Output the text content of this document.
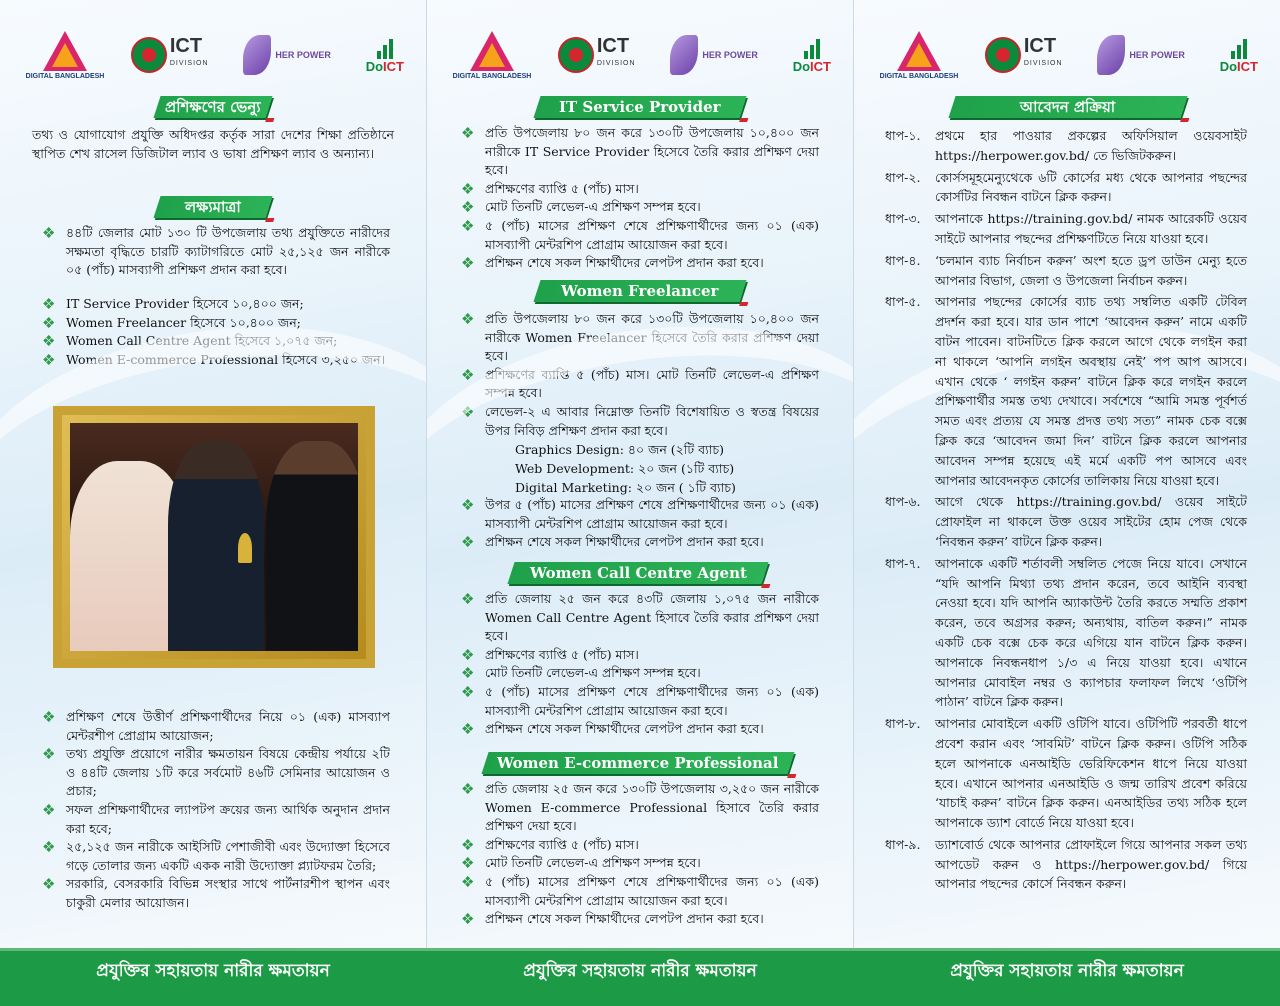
DIGITAL BANGLADESH
ICT
DIVISION
HER POWER
DoICT
প্রশিক্ষণের ভেন্যু
তথ্য ও যোগাযোগ প্রযুক্তি অধিদপ্তর কর্তৃক সারা দেশের শিক্ষা প্রতিষ্ঠানে স্থাপিত শেখ রাসেল ডিজিটাল ল্যাব ও ভাষা প্রশিক্ষণ ল্যাব ও অন্যান্য।
লক্ষ্যমাত্রা
❖ ৪৪টি জেলার মোট ১৩০ টি উপজেলায় তথ্য প্রযুক্তিতে নারীদের সক্ষমতা বৃদ্ধিতে চারটি ক্যাটাগরিতে মোট ২৫,১২৫ জন নারীকে ০৫ (পাঁচ) মাসব্যাপী প্রশিক্ষণ প্রদান করা হবে।
❖ IT Service Provider হিসেবে ১০,৪০০ জন;
❖ Women Freelancer হিসেবে ১০,৪০০ জন;
❖ Women Call Centre Agent হিসেবে ১,০৭৫ জন;
❖ Women E-commerce Professional হিসেবে ৩,২৫০ জন।
❖ প্রশিক্ষণ শেষে উত্তীর্ণ প্রশিক্ষণার্থীদের নিয়ে ০১ (এক) মাসব্যাপ মেন্টরশীপ প্রোগ্রাম আয়োজন;
❖ তথ্য প্রযুক্তি প্রয়োগে নারীর ক্ষমতায়ন বিষয়ে কেন্দ্রীয় পর্যায়ে ২টি ও ৪৪টি জেলায় ১টি করে সর্বমোট ৪৬টি সেমিনার আয়োজন ও প্রচার;
❖ সফল প্রশিক্ষণার্থীদের ল্যাপটপ ক্রয়ের জন্য আর্থিক অনুদান প্রদান করা হবে;
❖ ২৫,১২৫ জন নারীকে আইসিটি পেশাজীবী এবং উদ্যোক্তা হিসেবে গড়ে তোলার জন্য একটি একক নারী উদ্যোক্তা প্ল্যাটফরম তৈরি;
❖ সরকারি, বেসরকারি বিভিন্ন সংস্থার সাথে পার্টনারশীপ স্থাপন এবং চাকুরী মেলার আয়োজন।
DIGITAL BANGLADESH
ICT
DIVISION
HER POWER
DoICT
IT Service Provider
❖ প্রতি উপজেলায় ৮০ জন করে ১৩০টি উপজেলায় ১০,৪০০ জন নারীকে IT Service Provider হিসেবে তৈরি করার প্রশিক্ষণ দেয়া হবে।
❖ প্রশিক্ষণের ব্যাপ্তি ৫ (পাঁচ) মাস।
❖ মোট তিনটি লেভেল-এ প্রশিক্ষণ সম্পন্ন হবে।
❖ ৫ (পাঁচ) মাসের প্রশিক্ষণ শেষে প্রশিক্ষণার্থীদের জন্য ০১ (এক) মাসব্যাপী মেন্টরশিপ প্রোগ্রাম আয়োজন করা হবে।
❖ প্রশিক্ষন শেষে সকল শিক্ষার্থীদের লেপটপ প্রদান করা হবে।
Women Freelancer
❖ প্রতি উপজেলায় ৮০ জন করে ১৩০টি উপজেলায় ১০,৪০০ জন নারীকে Women Freelancer হিসেবে তৈরি করার প্রশিক্ষণ দেয়া হবে।
❖ প্রশিক্ষণের ব্যাপ্তি ৫ (পাঁচ) মাস। মোট তিনটি লেভেল-এ প্রশিক্ষণ সম্পন্ন হবে।
❖ লেভেল-২ এ আবার নিম্নোক্ত তিনটি বিশেষায়িত ও স্বতন্ত্র বিষয়ের উপর নিবিড় প্রশিক্ষণ প্রদান করা হবে।
Graphics Design: ৪০ জন (২টি ব্যাচ)
Web Development: ২০ জন (১টি ব্যাচ)
Digital Marketing: ২০ জন ( ১টি ব্যাচ)
❖ উপর ৫ (পাঁচ) মাসের প্রশিক্ষণ শেষে প্রশিক্ষণার্থীদের জন্য ০১ (এক) মাসব্যাপী মেন্টরশিপ প্রোগ্রাম আয়োজন করা হবে।
❖ প্রশিক্ষন শেষে সকল শিক্ষার্থীদের লেপটপ প্রদান করা হবে।
Women Call Centre Agent
❖ প্রতি জেলায় ২৫ জন করে ৪৩টি জেলায় ১,০৭৫ জন নারীকে Women Call Centre Agent হিসাবে তৈরি করার প্রশিক্ষণ দেয়া হবে।
❖ প্রশিক্ষণের ব্যাপ্তি ৫ (পাঁচ) মাস।
❖ মোট তিনটি লেভেল-এ প্রশিক্ষণ সম্পন্ন হবে।
❖ ৫ (পাঁচ) মাসের প্রশিক্ষণ শেষে প্রশিক্ষণার্থীদের জন্য ০১ (এক) মাসব্যাপী মেন্টরশিপ প্রোগ্রাম আয়োজন করা হবে।
❖ প্রশিক্ষন শেষে সকল শিক্ষার্থীদের লেপটপ প্রদান করা হবে।
Women E-commerce Professional
❖ প্রতি জেলায় ২৫ জন করে ১৩০টি উপজেলায় ৩,২৫০ জন নারীকে Women E-commerce Professional হিসাবে তৈরি করার প্রশিক্ষণ দেয়া হবে।
❖ প্রশিক্ষণের ব্যাপ্তি ৫ (পাঁচ) মাস।
❖ মোট তিনটি লেভেল-এ প্রশিক্ষণ সম্পন্ন হবে।
❖ ৫ (পাঁচ) মাসের প্রশিক্ষণ শেষে প্রশিক্ষণার্থীদের জন্য ০১ (এক) মাসব্যাপী মেন্টরশিপ প্রোগ্রাম আয়োজন করা হবে।
❖ প্রশিক্ষন শেষে সকল শিক্ষার্থীদের লেপটপ প্রদান করা হবে।
DIGITAL BANGLADESH
ICT
DIVISION
HER POWER
DoICT
আবেদন প্রক্রিয়া
ধাপ-১.	প্রথমে হার পাওয়ার প্রকল্পের অফিসিয়াল ওয়েবসাইট https://herpower.gov.bd/ তে ভিজিটকরুন।
ধাপ-২.	কোর্সসমূহমেন্যুথেকে ৬টি কোর্সের মধ্য থেকে আপনার পছন্দের কোর্সটির নিবন্ধন বাটনে ক্লিক করুন।
ধাপ-৩.	আপনাকে https://training.gov.bd/ নামক আরেকটি ওয়েব সাইটে আপনার পছন্দের প্রশিক্ষণটিতে নিয়ে যাওয়া হবে।
ধাপ-৪.	‘চলমান ব্যাচ নির্বাচন করুন’ অংশ হতে ড্রপ ডাউন মেন্যু হতে আপনার বিভাগ, জেলা ও উপজেলা নির্বাচন করুন।
ধাপ-৫.	আপনার পছন্দের কোর্সের ব্যাচ তথ্য সম্বলিত একটি টেবিল প্রদর্শন করা হবে। যার ডান পাশে ‘আবেদন করুন’ নামে একটি বাটন পাবেন। বাটনটিতে ক্লিক করলে আগে থেকে লগইন করা না থাকলে ‘আপনি লগইন অবস্থায় নেই’ পপ আপ আসবে। এখান থেকে ‘ লগইন করুন’ বাটনে ক্লিক করে লগইন করলে প্রশিক্ষণার্থীর সমস্ত তথ্য দেখাবে। সর্বশেষে “আমি সমস্ত পূর্বশর্ত সমত এবং প্রত্যয় যে সমস্ত প্রদত্ত তথ্য সত্য” নামক চেক বক্সে ক্লিক করে ‘আবেদন জমা দিন’ বাটনে ক্লিক করলে আপনার আবেদন সম্পন্ন হয়েছে এই মর্মে একটি পপ আসবে এবং আপনার আবেদনকৃত কোর্সের তালিকায় নিয়ে যাওয়া হবে।
ধাপ-৬.	আগে থেকে https://training.gov.bd/ ওয়েব সাইটে প্রোফাইল না থাকলে উক্ত ওয়েব সাইটের হোম পেজ থেকে ‘নিবন্ধন করুন’ বাটনে ক্লিক করুন।
ধাপ-৭.	আপনাকে একটি শর্তাবলী সম্বলিত পেজে নিয়ে যাবে। সেখানে “যদি আপনি মিথ্যা তথ্য প্রদান করেন, তবে আইনি ব্যবস্থা নেওয়া হবে। যদি আপনি অ্যাকাউন্ট তৈরি করতে সম্মতি প্রকাশ করেন, তবে অগ্রসর করুন; অন্যথায়, বাতিল করুন।” নামক একটি চেক বক্সে চেক করে এগিয়ে যান বাটনে ক্লিক করুন। আপনাকে নিবন্ধনধাপ ১/৩ এ নিয়ে যাওয়া হবে। এখানে আপনার মোবাইল নম্বর ও ক্যাপচার ফলাফল লিখে ‘ওটিপি পাঠান’ বাটনে ক্লিক করুন।
ধাপ-৮.	আপনার মোবাইলে একটি ওটিপি যাবে। ওটিপিটি পরবর্তী ধাপে প্রবেশ করান এবং ‘সাবমিট’ বাটনে ক্লিক করুন। ওটিপি সঠিক হলে আপনাকে এনআইডি ভেরিফিকেশন ধাপে নিয়ে যাওয়া হবে। এখানে আপনার এনআইডি ও জন্ম তারিখ প্রবেশ করিয়ে ‘যাচাই করুন’ বাটনে ক্লিক করুন। এনআইডির তথ্য সঠিক হলে আপনাকে ড্যাশ বোর্ডে নিয়ে যাওয়া হবে।
ধাপ-৯.	ড্যাশবোর্ড থেকে আপনার প্রোফাইলে গিয়ে আপনার সকল তথ্য আপডেট করুন ও https://herpower.gov.bd/ গিয়ে আপনার পছন্দের কোর্সে নিবন্ধন করুন।
প্রযুক্তির সহায়তায় নারীর ক্ষমতায়ন	প্রযুক্তির সহায়তায় নারীর ক্ষমতায়ন	প্রযুক্তির সহায়তায় নারীর ক্ষমতায়ন
